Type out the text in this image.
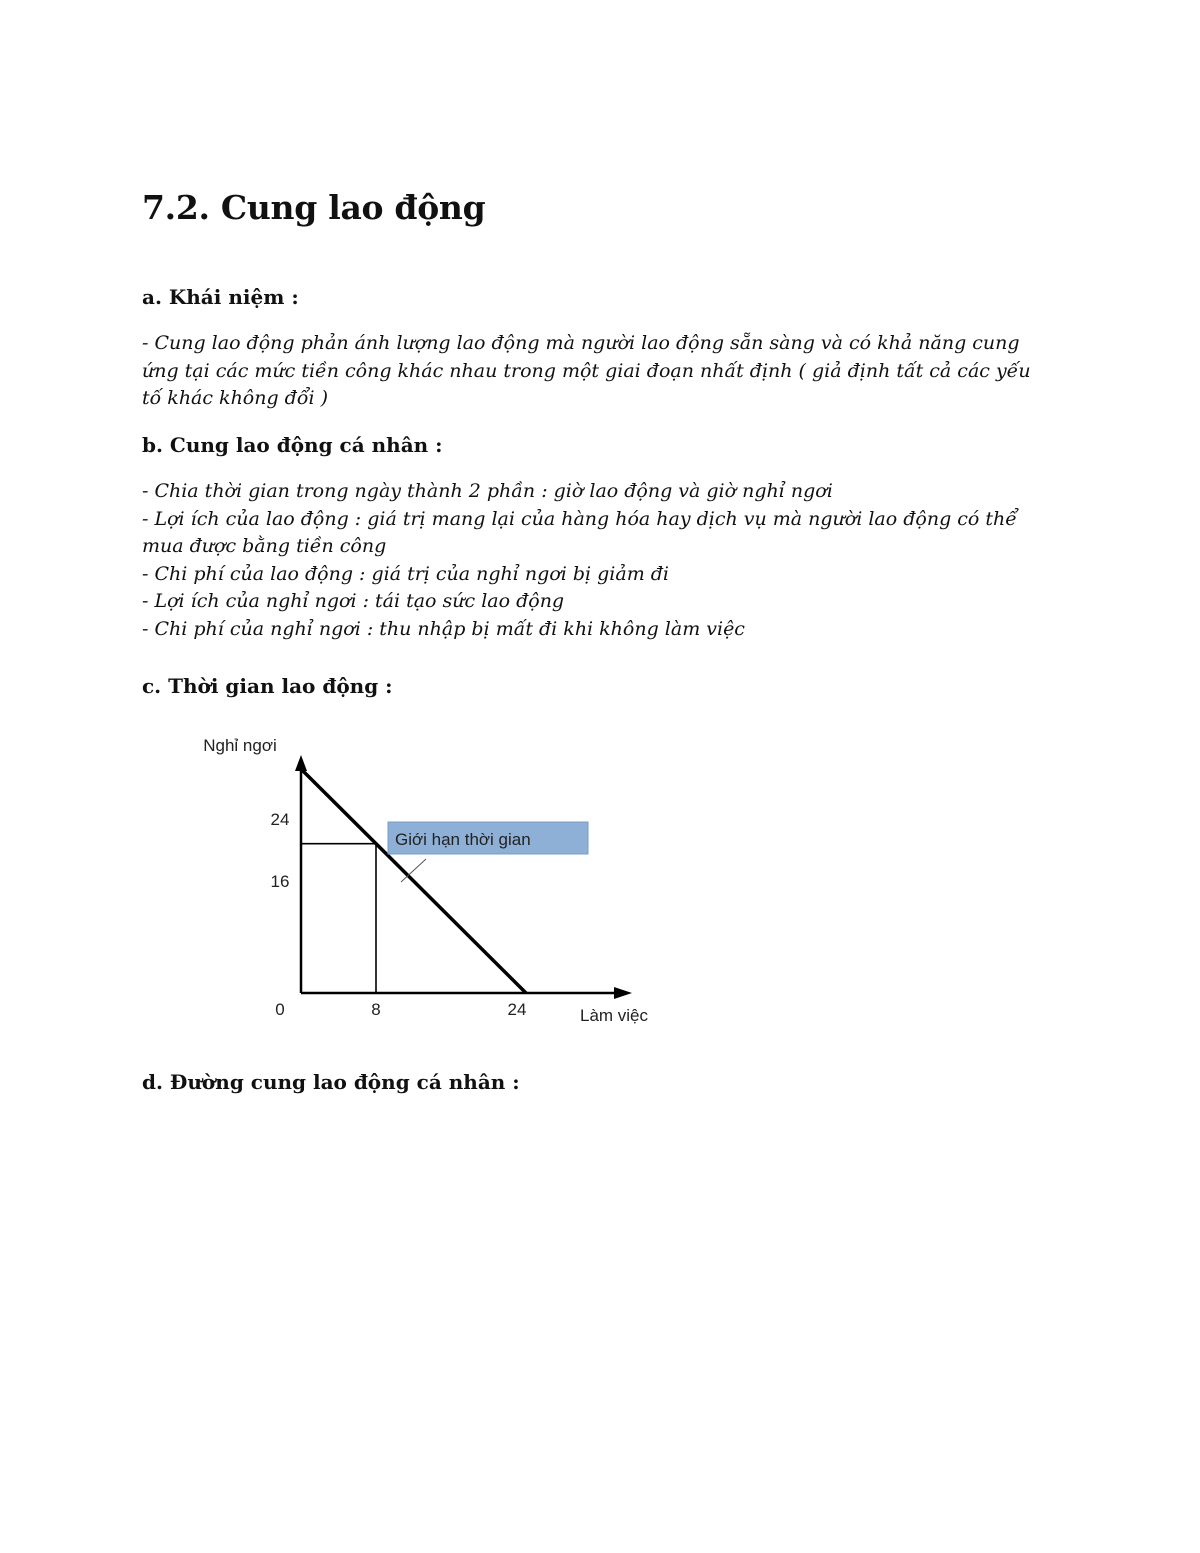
7.2. Cung lao động
a. Khái niệm :
- Cung lao động phản ánh lượng lao động mà người lao động sẵn sàng và có khả năng cung
ứng tại các mức tiền công khác nhau trong một giai đoạn nhất định ( giả định tất cả các yếu
tố khác không đổi )
b. Cung lao động cá nhân :
- Chia thời gian trong ngày thành 2 phần : giờ lao động và giờ nghỉ ngơi
- Lợi ích của lao động : giá trị mang lại của hàng hóa hay dịch vụ mà người lao động có thể
mua được bằng tiền công
- Chi phí của lao động : giá trị của nghỉ ngơi bị giảm đi
- Lợi ích của nghỉ ngơi : tái tạo sức lao động
- Chi phí của nghỉ ngơi : thu nhập bị mất đi khi không làm việc
c. Thời gian lao động :
Giới hạn thời gian
Nghỉ ngơi
Làm việc
24
16
0	8	24
d. Đường cung lao động cá nhân :
